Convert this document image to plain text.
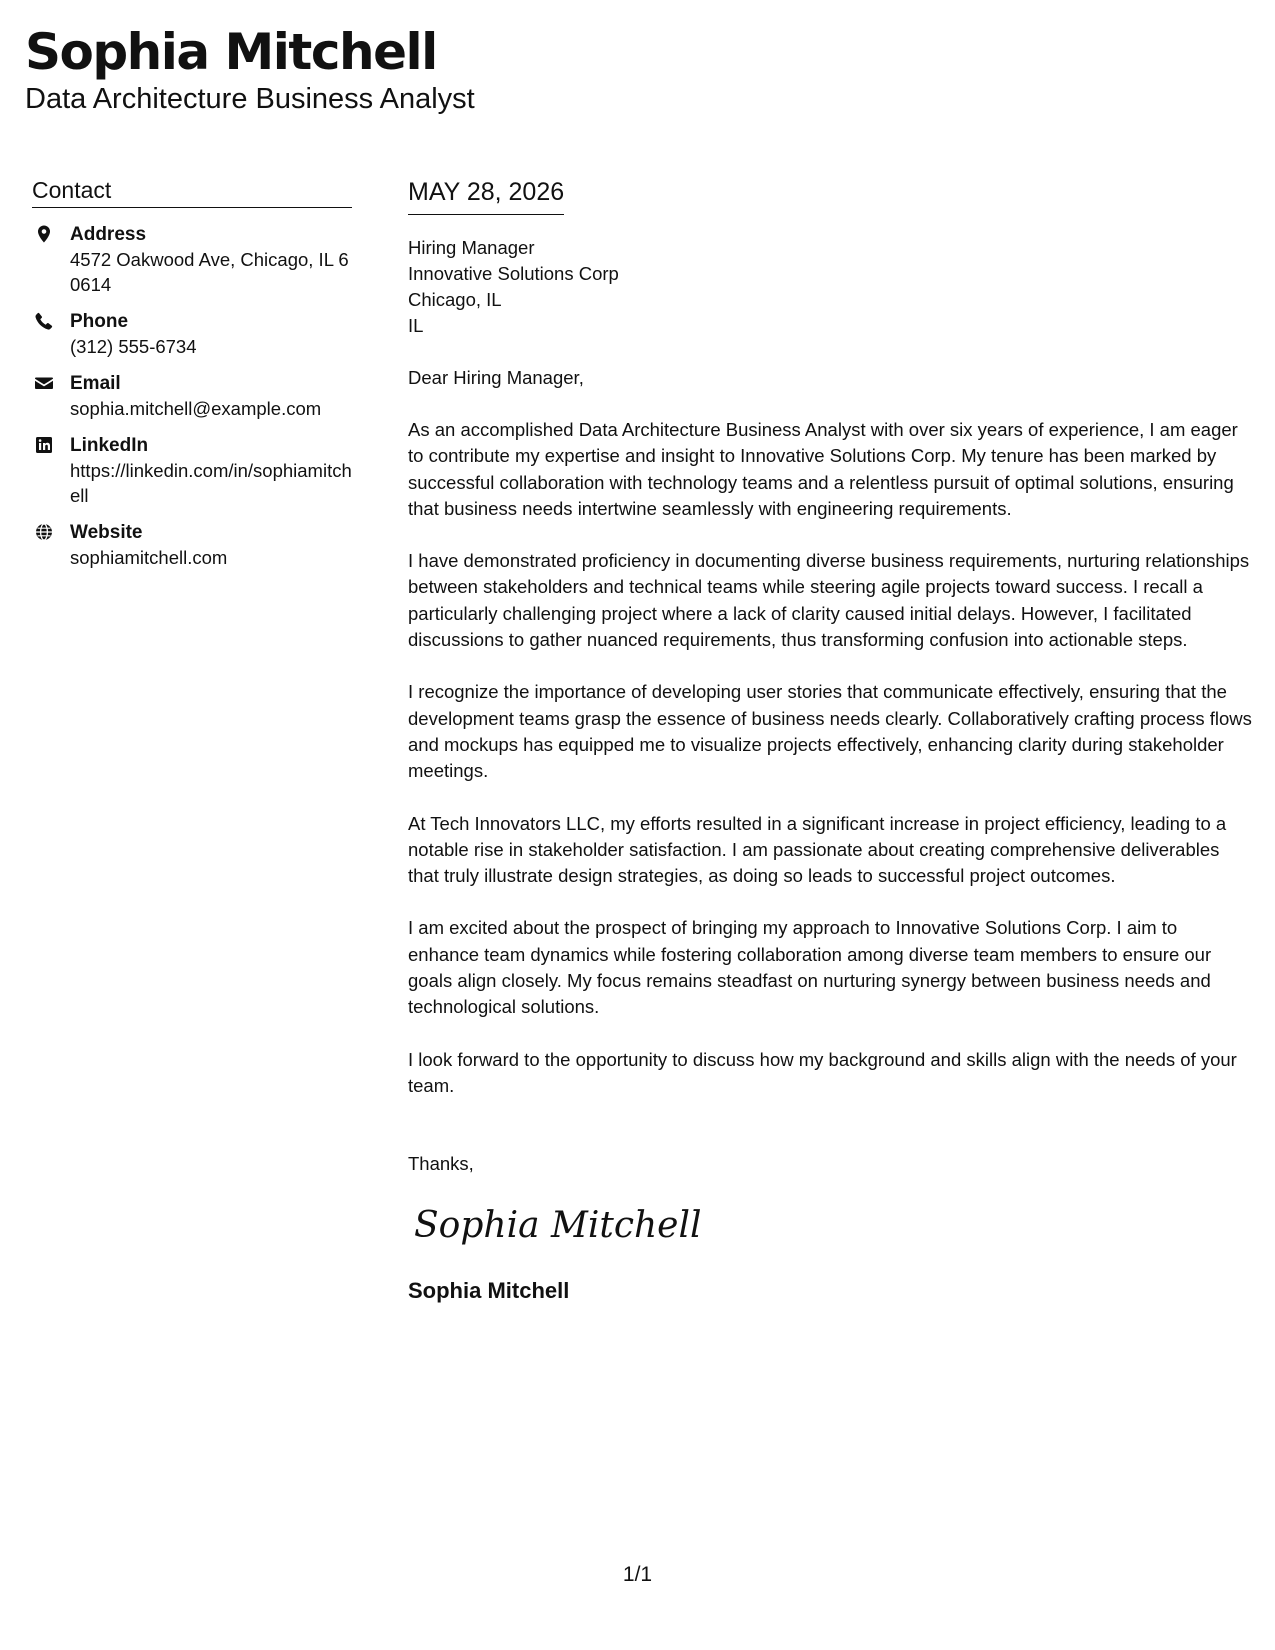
Sophia Mitchell
Data Architecture Business Analyst
Contact
Address
4572 Oakwood Ave, Chicago, IL 60614
Phone
(312) 555-6734
Email
sophia.mitchell@example.com
LinkedIn
https://linkedin.com/in/sophiamitchell
Website
sophiamitchell.com
MAY 28, 2026
Hiring Manager
Innovative Solutions Corp
Chicago, IL
IL
Dear Hiring Manager,
As an accomplished Data Architecture Business Analyst with over six years of experience, I am eager to contribute my expertise and insight to Innovative Solutions Corp. My tenure has been marked by successful collaboration with technology teams and a relentless pursuit of optimal solutions, ensuring that business needs intertwine seamlessly with engineering requirements.
I have demonstrated proficiency in documenting diverse business requirements, nurturing relationships between stakeholders and technical teams while steering agile projects toward success. I recall a particularly challenging project where a lack of clarity caused initial delays. However, I facilitated discussions to gather nuanced requirements, thus transforming confusion into actionable steps.
I recognize the importance of developing user stories that communicate effectively, ensuring that the development teams grasp the essence of business needs clearly. Collaboratively crafting process flows and mockups has equipped me to visualize projects effectively, enhancing clarity during stakeholder meetings.
At Tech Innovators LLC, my efforts resulted in a significant increase in project efficiency, leading to a notable rise in stakeholder satisfaction. I am passionate about creating comprehensive deliverables that truly illustrate design strategies, as doing so leads to successful project outcomes.
I am excited about the prospect of bringing my approach to Innovative Solutions Corp. I aim to enhance team dynamics while fostering collaboration among diverse team members to ensure our goals align closely. My focus remains steadfast on nurturing synergy between business needs and technological solutions.
I look forward to the opportunity to discuss how my background and skills align with the needs of your team.
Thanks,
Sophia Mitchell
Sophia Mitchell
1/1
